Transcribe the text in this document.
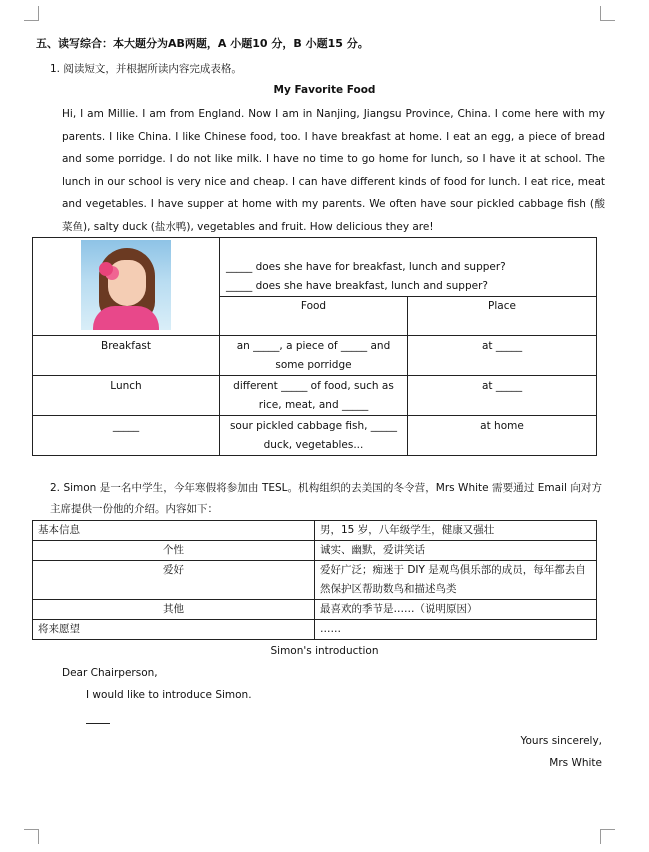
五、读写综合：本大题分为AB两题，A 小题10 分，B 小题15 分。
1. 阅读短文，并根据所读内容完成表格。
My Favorite Food
Hi, I am Millie. I am from England. Now I am in Nanjing, Jiangsu Province, China. I come here with my parents. I like China. I like Chinese food, too. I have breakfast at home. I eat an egg, a piece of bread and some porridge. I do not like milk. I have no time to go home for lunch, so I have it at school. The lunch in our school is very nice and cheap. I can have different kinds of food for lunch. I eat rice, meat and vegetables. I have supper at home with my parents. We often have sour pickled cabbage fish (酸菜鱼), salty duck (盐水鸭), vegetables and fruit. How delicious they are!

	_____ does she have for breakfast, lunch and supper?
_____ does she have breakfast, lunch and supper?	

	Food	Place
Breakfast	an _____, a piece of _____ and some porridge	at _____
Lunch	different _____ of food, such as rice, meat, and _____	at _____
_____	sour pickled cabbage fish, _____ duck, vegetables...	at home
2. Simon 是一名中学生，今年寒假将参加由 TESL。机构组织的去美国的冬令营，Mrs White 需要通过 Email 向对方主席提供一份他的介绍。内容如下：
基本信息	男，15 岁，八年级学生，健康又强壮
个性	诚实、幽默，爱讲笑话
爱好	爱好广泛；痴迷于 DIY 是观鸟俱乐部的成员，每年都去自然保护区帮助数鸟和描述鸟类
其他	最喜欢的季节是……（说明原因）
将来愿望	……
Simon's introduction
Dear Chairperson,
I would like to introduce Simon.
Yours sincerely,
Mrs White
